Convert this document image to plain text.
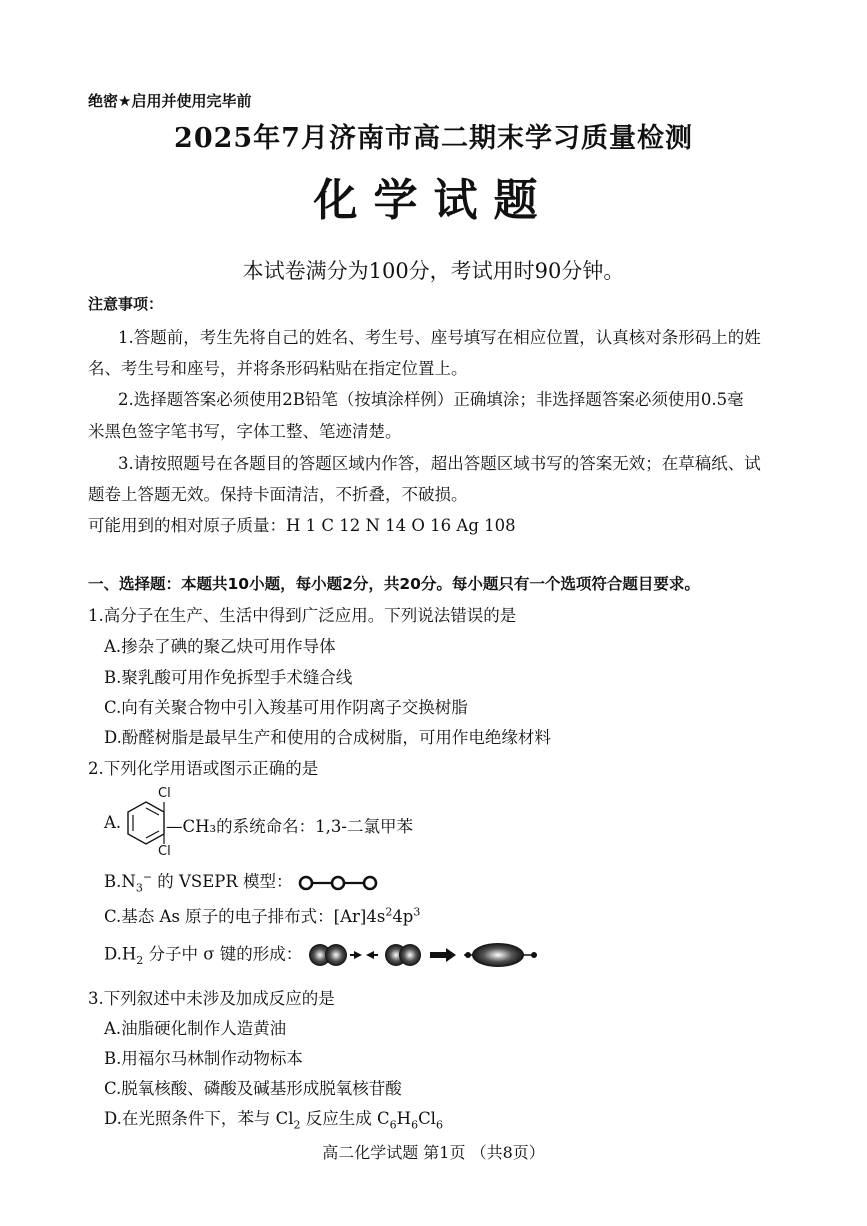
绝密★启用并使用完毕前
2025年7月济南市高二期末学习质量检测
化学试题
本试卷满分为100分，考试用时90分钟。
注意事项：
1.答题前，考生先将自己的姓名、考生号、座号填写在相应位置，认真核对条形码上的姓
名、考生号和座号，并将条形码粘贴在指定位置上。
2.选择题答案必须使用2B铅笔（按填涂样例）正确填涂；非选择题答案必须使用0.5毫
米黑色签字笔书写，字体工整、笔迹清楚。
3.请按照题号在各题目的答题区域内作答，超出答题区域书写的答案无效；在草稿纸、试
题卷上答题无效。保持卡面清洁，不折叠，不破损。
可能用到的相对原子质量：H 1 C 12 N 14 O 16 Ag 108
一、选择题：本题共10小题，每小题2分，共20分。每小题只有一个选项符合题目要求。
1.高分子在生产、生活中得到广泛应用。下列说法错误的是
A.掺杂了碘的聚乙炔可用作导体
B.聚乳酸可用作免拆型手术缝合线
C.向有关聚合物中引入羧基可用作阴离子交换树脂
D.酚醛树脂是最早生产和使用的合成树脂，可用作电绝缘材料
2.下列化学用语或图示正确的是
A.
Cl
Cl
—CH₃的系统命名：1,3-二氯甲苯
$B.N_3^-$ 的 VSEPR 模型：
C.基态 As 原子的电子排布式：$[Ar]4s^24p^3$
$D.H_2$ 分子中 σ 键的形成：
3.下列叙述中未涉及加成反应的是
A.油脂硬化制作人造黄油
B.用福尔马林制作动物标本
C.脱氧核酸、磷酸及碱基形成脱氧核苷酸
D.在光照条件下，苯与 $Cl_2$ 反应生成 $C_6H_6Cl_6$
高二化学试题 第1页 （共8页）
